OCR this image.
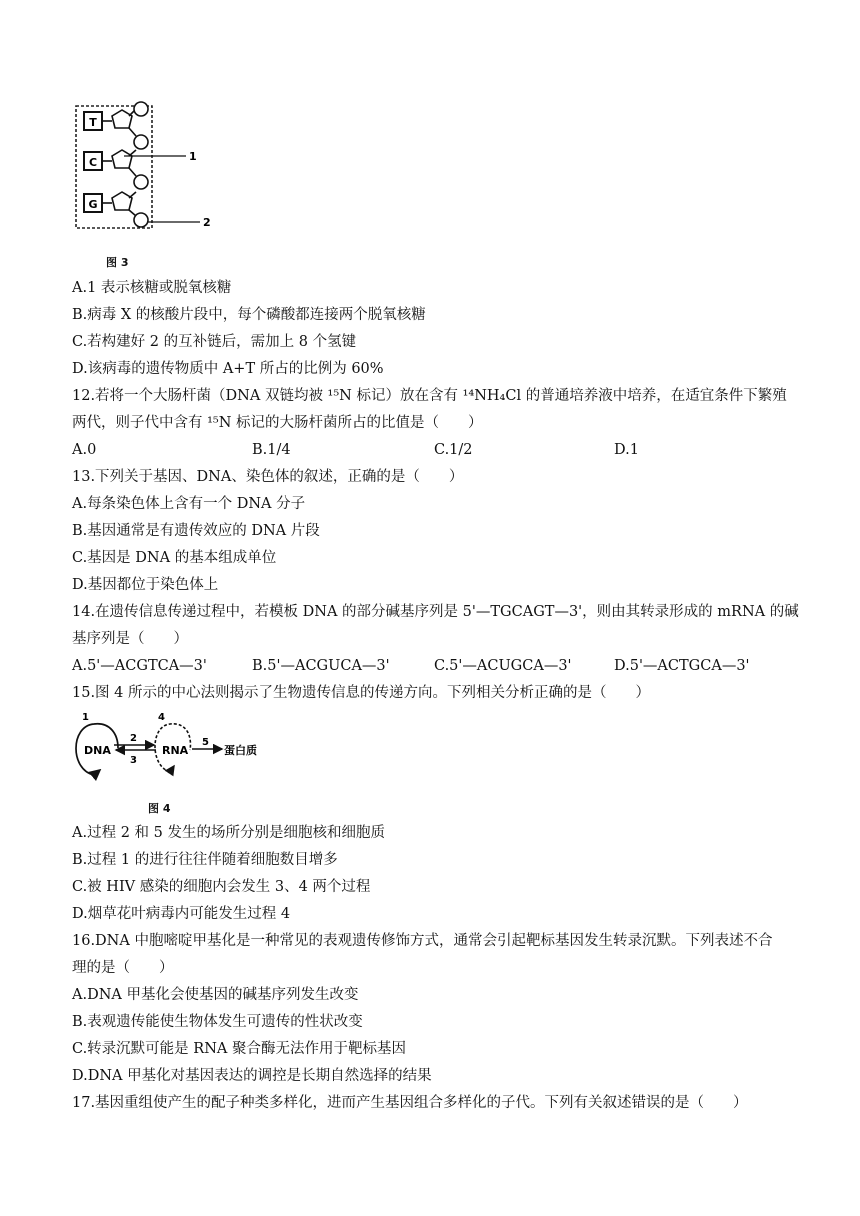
T
C
G
1
2
图 3
A.1 表示核糖或脱氧核糖
B.病毒 X 的核酸片段中，每个磷酸都连接两个脱氧核糖
C.若构建好 2 的互补链后，需加上 8 个氢键
D.该病毒的遗传物质中 A+T 所占的比例为 60%
12.若将一个大肠杆菌（DNA 双链均被 ¹⁵N 标记）放在含有 ¹⁴NH₄Cl 的普通培养液中培养，在适宜条件下繁殖
两代，则子代中含有 ¹⁵N 标记的大肠杆菌所占的比值是（　　）
A.0	B.1/4	C.1/2	D.1
13.下列关于基因、DNA、染色体的叙述，正确的是（　　）
A.每条染色体上含有一个 DNA 分子
B.基因通常是有遗传效应的 DNA 片段
C.基因是 DNA 的基本组成单位
D.基因都位于染色体上
14.在遗传信息传递过程中，若模板 DNA 的部分碱基序列是 5'—TGCAGT—3'，则由其转录形成的 mRNA 的碱
基序列是（　　）
A.5'—ACGTCA—3'	B.5'—ACGUCA—3'	C.5'—ACUGCA—3'	D.5'—ACTGCA—3'
15.图 4 所示的中心法则揭示了生物遗传信息的传递方向。下列相关分析正确的是（　　）
1
DNA
2
3
4
RNA
5
蛋白质
图 4
A.过程 2 和 5 发生的场所分别是细胞核和细胞质
B.过程 1 的进行往往伴随着细胞数目增多
C.被 HIV 感染的细胞内会发生 3、4 两个过程
D.烟草花叶病毒内可能发生过程 4
16.DNA 中胞嘧啶甲基化是一种常见的表观遗传修饰方式，通常会引起靶标基因发生转录沉默。下列表述不合
理的是（　　）
A.DNA 甲基化会使基因的碱基序列发生改变
B.表观遗传能使生物体发生可遗传的性状改变
C.转录沉默可能是 RNA 聚合酶无法作用于靶标基因
D.DNA 甲基化对基因表达的调控是长期自然选择的结果
17.基因重组使产生的配子种类多样化，进而产生基因组合多样化的子代。下列有关叙述错误的是（　　）
